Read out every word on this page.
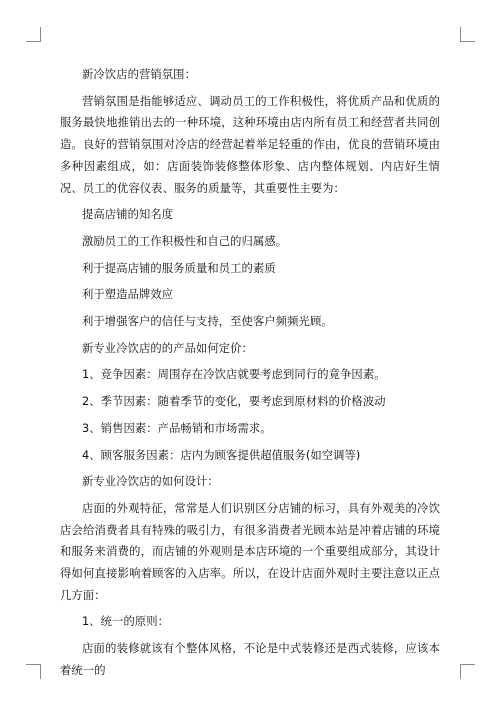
新冷饮店的营销氛围：

营销氛围是指能够适应、调动员工的工作积极性，将优质产品和优质的服务最快地推销出去的一种环境，这种环境由店内所有员工和经营者共同创造。良好的营销氛围对冷店的经营起着举足轻重的作由，优良的营销环境由多种因素组成，如：店面装饰装修整体形象、店内整体规划、内店好生情况、员工的优容仪表、服务的质量等，其重要性主要为：

提高店铺的知名度

激励员工的工作积极性和自己的归属感。

利于提高店铺的服务质量和员工的素质

利于塑造品牌效应

利于增强客户的信任与支持，至使客户频频光顾。

新专业冷饮店的的产品如何定价：

1、竞争因素：周围存在冷饮店就要考虑到同行的竟争因素。

2、季节因素：随着季节的变化，要考虑到原材料的价格波动

3、销售因素：产品畅销和市场需求。

4、顾客服务因素：店内为顾客提供超值服务(如空调等)

新专业冷饮店的如何设计：

店面的外观特征，常常是人们识别区分店铺的标习，具有外观美的冷饮店会给消费者具有特殊的吸引力，有很多消费者光顾本站是冲着店铺的环境和服务来消费的，而店铺的外观则是本店环境的一个重要组成部分，其设计得如何直接影响着顾客的入店率。所以，在设计店面外观时主要注意以正点几方面：

1、统一的原则：

店面的装修就该有个整体风格，不论是中式装修还是西式装修，应该本着统一的
